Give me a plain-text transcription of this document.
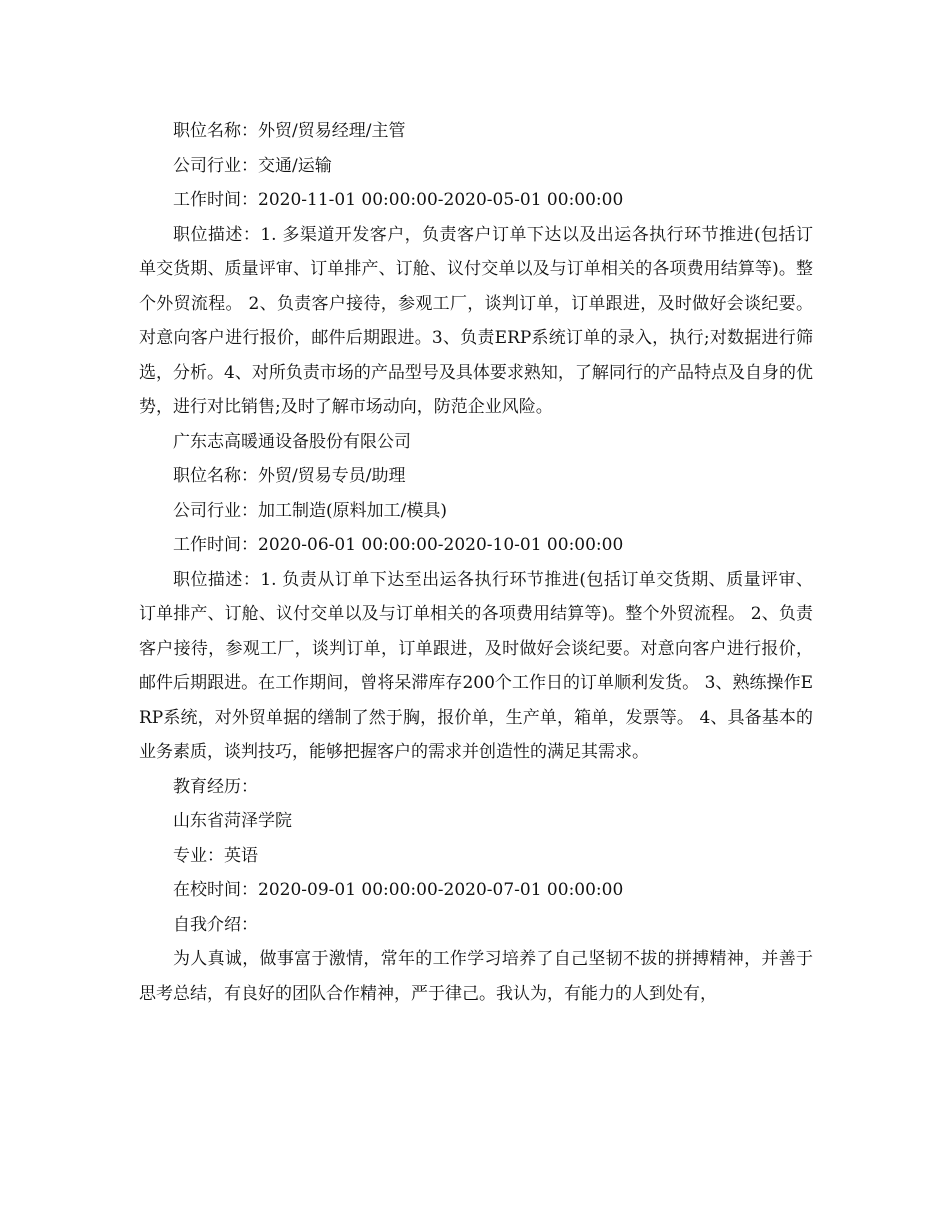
职位名称：外贸/贸易经理/主管

公司行业：交通/运输

工作时间：2020-11-01 00:00:00-2020-05-01 00:00:00

职位描述：1. 多渠道开发客户，负责客户订单下达以及出运各执行环节推进(包括订单交货期、质量评审、订单排产、订舱、议付交单以及与订单相关的各项费用结算等)。整个外贸流程。 2、负责客户接待，参观工厂，谈判订单，订单跟进，及时做好会谈纪要。对意向客户进行报价，邮件后期跟进。3、负责ERP系统订单的录入，执行;对数据进行筛选，分析。4、对所负责市场的产品型号及具体要求熟知，了解同行的产品特点及自身的优势，进行对比销售;及时了解市场动向，防范企业风险。

广东志高暖通设备股份有限公司

职位名称：外贸/贸易专员/助理

公司行业：加工制造(原料加工/模具)

工作时间：2020-06-01 00:00:00-2020-10-01 00:00:00

职位描述：1. 负责从订单下达至出运各执行环节推进(包括订单交货期、质量评审、订单排产、订舱、议付交单以及与订单相关的各项费用结算等)。整个外贸流程。 2、负责客户接待，参观工厂，谈判订单，订单跟进，及时做好会谈纪要。对意向客户进行报价，邮件后期跟进。在工作期间，曾将呆滞库存200个工作日的订单顺利发货。 3、熟练操作ERP系统，对外贸单据的缮制了然于胸，报价单，生产单，箱单，发票等。 4、具备基本的业务素质，谈判技巧，能够把握客户的需求并创造性的满足其需求。

教育经历：

山东省菏泽学院

专业：英语

在校时间：2020-09-01 00:00:00-2020-07-01 00:00:00

自我介绍：

为人真诚，做事富于激情，常年的工作学习培养了自己坚韧不拔的拼搏精神，并善于思考总结，有良好的团队合作精神，严于律己。我认为，有能力的人到处有，
